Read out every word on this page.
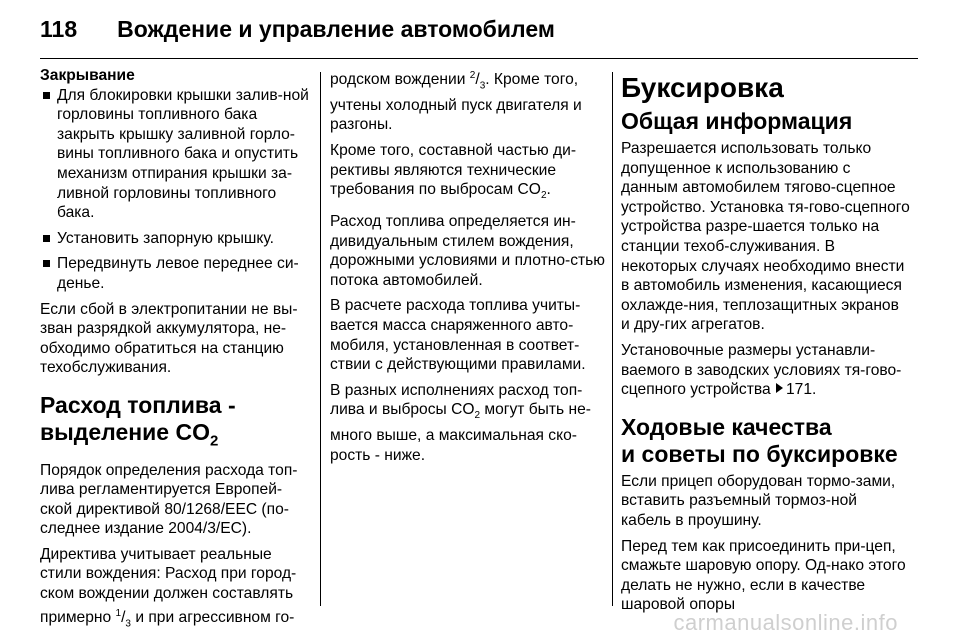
118 Вождение и управление автомобилем
Закрывание
Для блокировки крышки залив-ной горловины топливного бака закрыть крышку заливной горло-вины топливного бака и опустить механизм отпирания крышки за-ливной горловины топливного бака.
Установить запорную крышку.
Передвинуть левое переднее си-денье.

Если сбой в электропитании не вы-зван разрядкой аккумулятора, не-обходимо обратиться на станцию техобслуживания.

Расход топлива -
выделение $CO_2$

Порядок определения расхода топ-лива регламентируется Европей-ской директивой 80/1268/EEC (по-следнее издание 2004/3/EC).

Директива учитывает реальные стили вождения: Расход при город-ском вождении должен составлять примерно $^1/_3$ и при агрессивном го-

родском вождении $^2/_3$. Кроме того, учтены холодный пуск двигателя и разгоны.

Кроме того, составной частью ди-рективы являются технические требования по выбросам $CO_2$.

Расход топлива определяется ин-дивидуальным стилем вождения, дорожными условиями и плотно-стью потока автомобилей.

В расчете расхода топлива учиты-вается масса снаряженного авто-мобиля, установленная в соответ-ствии с действующими правилами.

В разных исполнениях расход топ-лива и выбросы $CO_2$ могут быть не-много выше, а максимальная ско-рость - ниже.

Буксировка
Общая информация

Разрешается использовать только допущенное к использованию с данным автомобилем тягово-сцепное устройство. Установка тя-гово-сцепного устройства разре-шается только на станции техоб-служивания. В некоторых случаях необходимо внести в автомобиль изменения, касающиеся охлажде-ния, теплозащитных экранов и дру-гих агрегатов.

Установочные размеры устанавли-ваемого в заводских условиях тя-гово-сцепного устройства 171.

Ходовые качества
и советы по буксировке

Если прицеп оборудован тормо-зами, вставить разъемный тормоз-ной кабель в проушину.

Перед тем как присоединить при-цеп, смажьте шаровую опору. Од-нако этого делать не нужно, если в качестве шаровой опоры

carmanualsonline.info
